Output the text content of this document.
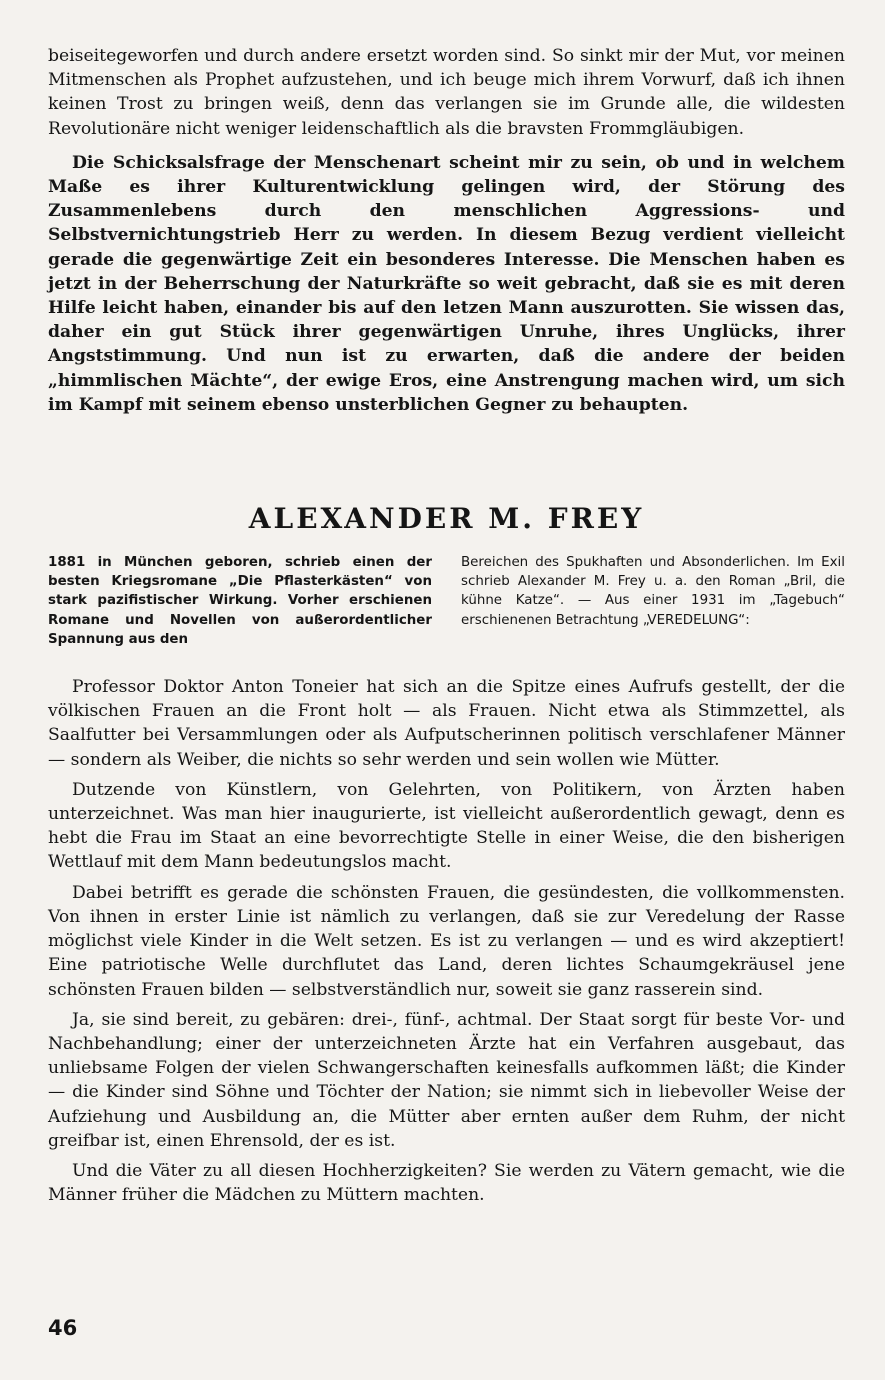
beiseitegeworfen und durch andere ersetzt worden sind. So sinkt mir der Mut, vor meinen Mitmenschen als Prophet aufzustehen, und ich beuge mich ihrem Vorwurf, daß ich ihnen keinen Trost zu bringen weiß, denn das verlangen sie im Grunde alle, die wildesten Revolutionäre nicht weniger leidenschaftlich als die bravsten Frommgläubigen.

Die Schicksalsfrage der Menschenart scheint mir zu sein, ob und in welchem Maße es ihrer Kulturentwicklung gelingen wird, der Störung des Zusammenlebens durch den menschlichen Aggressions- und Selbstvernichtungstrieb Herr zu werden. In diesem Bezug verdient vielleicht gerade die gegenwärtige Zeit ein besonderes Interesse. Die Menschen haben es jetzt in der Beherrschung der Naturkräfte so weit gebracht, daß sie es mit deren Hilfe leicht haben, einander bis auf den letzen Mann auszurotten. Sie wissen das, daher ein gut Stück ihrer gegenwärtigen Unruhe, ihres Unglücks, ihrer Angststimmung. Und nun ist zu erwarten, daß die andere der beiden „himmlischen Mächte“, der ewige Eros, eine Anstrengung machen wird, um sich im Kampf mit seinem ebenso unsterblichen Gegner zu behaupten.

ALEXANDER M. FREY

1881 in München geboren, schrieb einen der besten Kriegsromane „Die Pflasterkästen“ von stark pazifistischer Wirkung. Vorher erschienen Romane und Novellen von außerordentlicher Spannung aus den

Bereichen des Spukhaften und Absonderlichen. Im Exil schrieb Alexander M. Frey u. a. den Roman „Bril, die kühne Katze“. — Aus einer 1931 im „Tagebuch“ erschienenen Betrachtung „VEREDELUNG“:

Professor Doktor Anton Toneier hat sich an die Spitze eines Aufrufs gestellt, der die völkischen Frauen an die Front holt — als Frauen. Nicht etwa als Stimmzettel, als Saalfutter bei Versammlungen oder als Aufputscherinnen politisch verschlafener Männer — sondern als Weiber, die nichts so sehr werden und sein wollen wie Mütter.

Dutzende von Künstlern, von Gelehrten, von Politikern, von Ärzten haben unterzeichnet. Was man hier inaugurierte, ist vielleicht außerordentlich gewagt, denn es hebt die Frau im Staat an eine bevorrechtigte Stelle in einer Weise, die den bisherigen Wettlauf mit dem Mann bedeutungslos macht.

Dabei betrifft es gerade die schönsten Frauen, die gesündesten, die vollkommensten. Von ihnen in erster Linie ist nämlich zu verlangen, daß sie zur Veredelung der Rasse möglichst viele Kinder in die Welt setzen. Es ist zu verlangen — und es wird akzeptiert! Eine patriotische Welle durchflutet das Land, deren lichtes Schaumgekräusel jene schönsten Frauen bilden — selbstverständlich nur, soweit sie ganz rasserein sind.

Ja, sie sind bereit, zu gebären: drei-, fünf-, achtmal. Der Staat sorgt für beste Vor- und Nachbehandlung; einer der unterzeichneten Ärzte hat ein Verfahren ausgebaut, das unliebsame Folgen der vielen Schwangerschaften keinesfalls aufkommen läßt; die Kinder — die Kinder sind Söhne und Töchter der Nation; sie nimmt sich in liebevoller Weise der Aufziehung und Ausbildung an, die Mütter aber ernten außer dem Ruhm, der nicht greifbar ist, einen Ehrensold, der es ist.

Und die Väter zu all diesen Hochherzigkeiten? Sie werden zu Vätern gemacht, wie die Männer früher die Mädchen zu Müttern machten.

46
